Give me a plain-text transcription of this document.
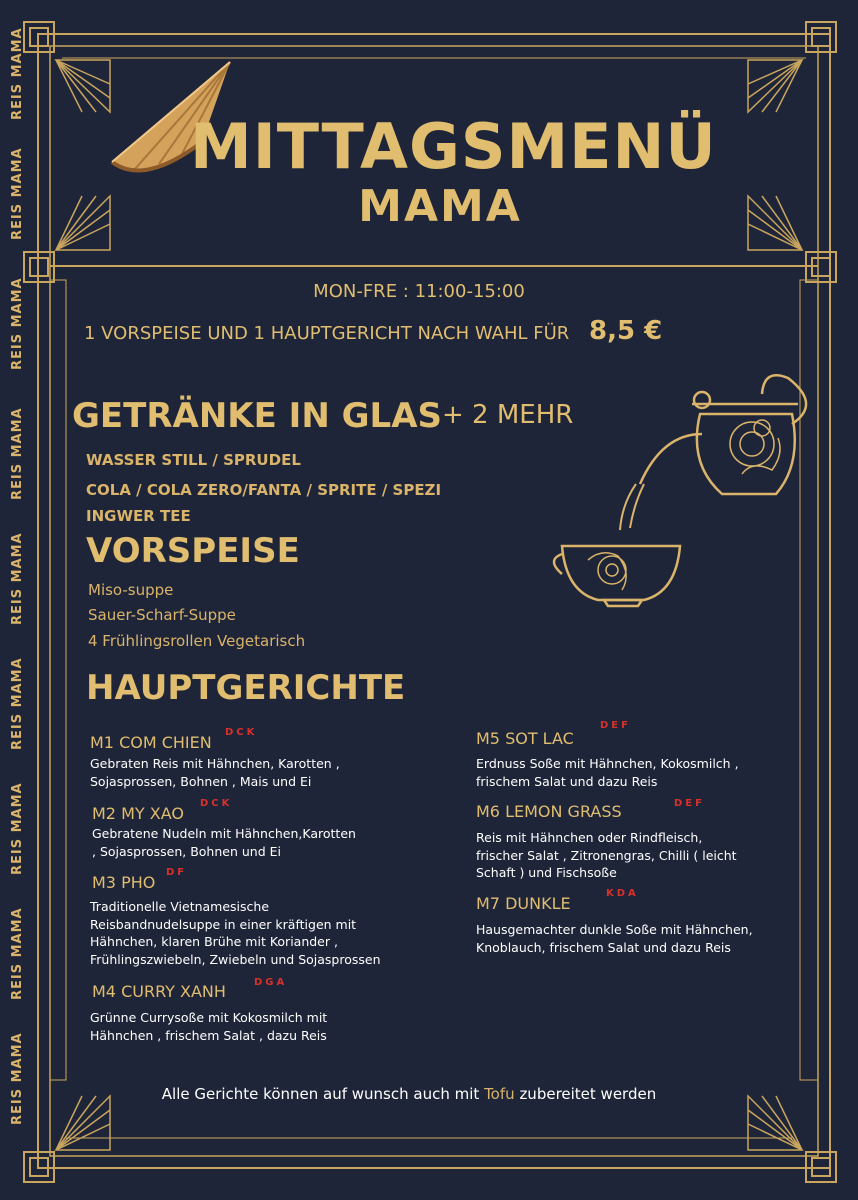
REIS MAMA
REIS MAMA
REIS MAMA
REIS MAMA
REIS MAMA
REIS MAMA
REIS MAMA
REIS MAMA
REIS MAMA
MITTAGSMENÜ
MAMA
MON-FRE : 11:00-15:00
1 VORSPEISE UND 1 HAUPTGERICHT NACH WAHL FÜR 8,5 €
GETRÄNKE IN GLAS + 2 MEHR
WASSER STILL / SPRUDEL
COLA / COLA ZERO/FANTA / SPRITE / SPEZI
INGWER TEE
VORSPEISE
Miso-suppe
Sauer-Scharf-Suppe
4 Frühlingsrollen Vegetarisch
HAUPTGERICHTE
M1 COM CHIEN
DCK
Gebraten Reis mit Hähnchen, Karotten ,
Sojasprossen, Bohnen , Mais und Ei
M2 MY XAO
DCK
Gebratene Nudeln mit Hähnchen,Karotten
, Sojasprossen, Bohnen und Ei
M3 PHO
DF
Traditionelle Vietnamesische
Reisbandnudelsuppe in einer kräftigen mit
Hähnchen, klaren Brühe mit Koriander ,
Frühlingszwiebeln, Zwiebeln und Sojasprossen
M4 CURRY XANH	DGA
Grünne Currysoße mit Kokosmilch mit
Hähnchen , frischem Salat , dazu Reis
M5 SOT LAC
DEF
Erdnuss Soße mit Hähnchen, Kokosmilch ,
frischem Salat und dazu Reis
M6 LEMON GRASS	DEF
Reis mit Hähnchen oder Rindfleisch,
frischer Salat , Zitronengras, Chilli ( leicht
Schaft ) und Fischsoße
M7 DUNKLE
KDA
Hausgemachter dunkle Soße mit Hähnchen,
Knoblauch, frischem Salat und dazu Reis
Alle Gerichte können auf wunsch auch mit Tofu zubereitet werden
